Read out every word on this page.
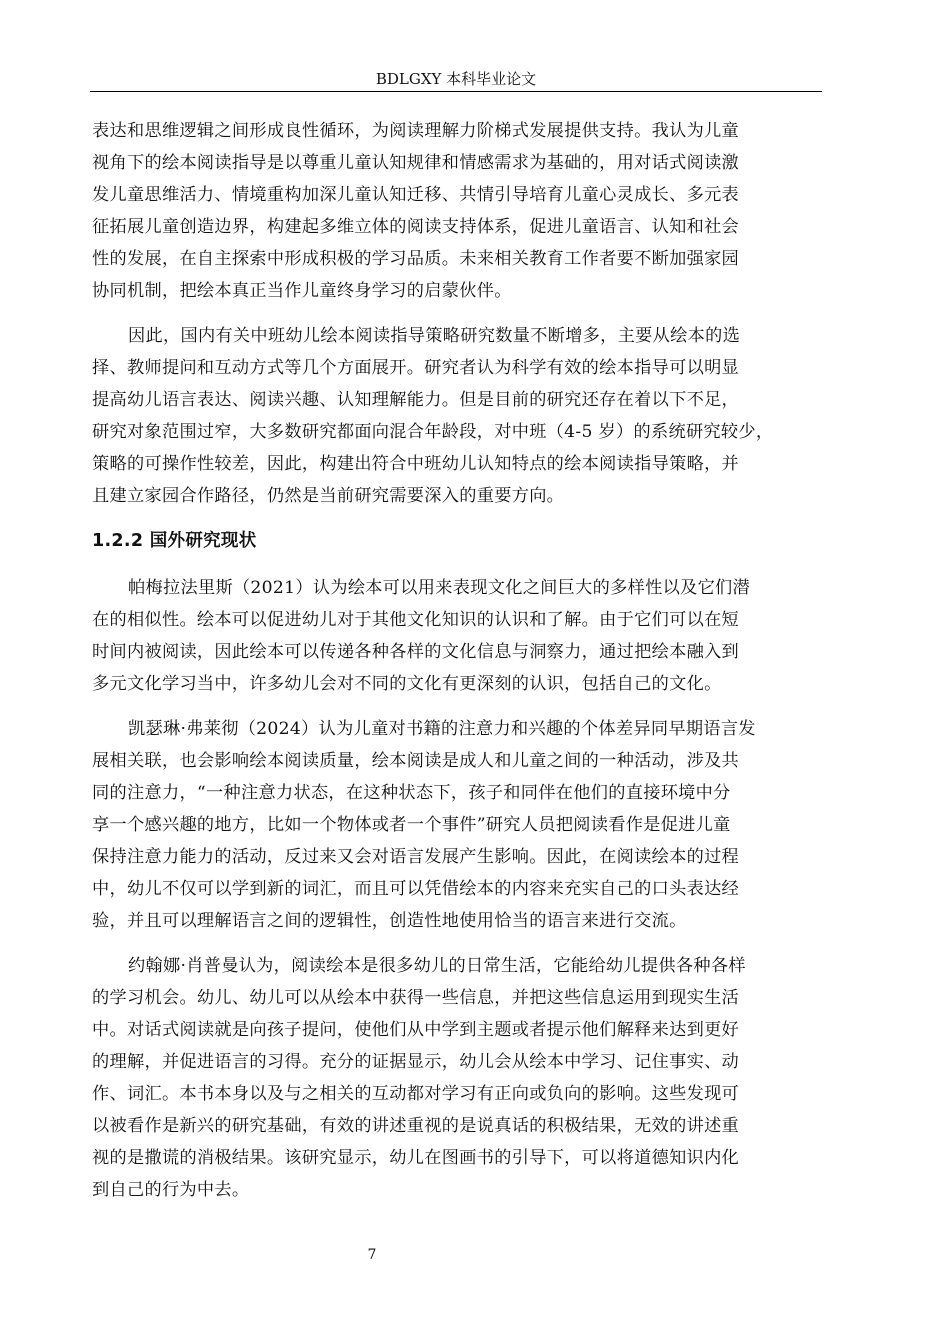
BDLGXY 本科毕业论文

表达和思维逻辑之间形成良性循环，为阅读理解力阶梯式发展提供支持。我认为儿童
视角下的绘本阅读指导是以尊重儿童认知规律和情感需求为基础的，用对话式阅读激
发儿童思维活力、情境重构加深儿童认知迁移、共情引导培育儿童心灵成长、多元表
征拓展儿童创造边界，构建起多维立体的阅读支持体系，促进儿童语言、认知和社会
性的发展，在自主探索中形成积极的学习品质。未来相关教育工作者要不断加强家园
协同机制，把绘本真正当作儿童终身学习的启蒙伙伴。

因此，国内有关中班幼儿绘本阅读指导策略研究数量不断增多，主要从绘本的选
择、教师提问和互动方式等几个方面展开。研究者认为科学有效的绘本指导可以明显
提高幼儿语言表达、阅读兴趣、认知理解能力。但是目前的研究还存在着以下不足，
研究对象范围过窄，大多数研究都面向混合年龄段，对中班（4-5 岁）的系统研究较少，
策略的可操作性较差，因此，构建出符合中班幼儿认知特点的绘本阅读指导策略，并
且建立家园合作路径，仍然是当前研究需要深入的重要方向。

1.2.2 国外研究现状

帕梅拉法里斯（2021）认为绘本可以用来表现文化之间巨大的多样性以及它们潜
在的相似性。绘本可以促进幼儿对于其他文化知识的认识和了解。由于它们可以在短
时间内被阅读，因此绘本可以传递各种各样的文化信息与洞察力，通过把绘本融入到
多元文化学习当中，许多幼儿会对不同的文化有更深刻的认识，包括自己的文化。

凯瑟琳·弗莱彻（2024）认为儿童对书籍的注意力和兴趣的个体差异同早期语言发
展相关联，也会影响绘本阅读质量，绘本阅读是成人和儿童之间的一种活动，涉及共
同的注意力，“一种注意力状态，在这种状态下，孩子和同伴在他们的直接环境中分
享一个感兴趣的地方，比如一个物体或者一个事件”研究人员把阅读看作是促进儿童
保持注意力能力的活动，反过来又会对语言发展产生影响。因此，在阅读绘本的过程
中，幼儿不仅可以学到新的词汇，而且可以凭借绘本的内容来充实自己的口头表达经
验，并且可以理解语言之间的逻辑性，创造性地使用恰当的语言来进行交流。

约翰娜·肖普曼认为，阅读绘本是很多幼儿的日常生活，它能给幼儿提供各种各样
的学习机会。幼儿、幼儿可以从绘本中获得一些信息，并把这些信息运用到现实生活
中。对话式阅读就是向孩子提问，使他们从中学到主题或者提示他们解释来达到更好
的理解，并促进语言的习得。充分的证据显示，幼儿会从绘本中学习、记住事实、动
作、词汇。本书本身以及与之相关的互动都对学习有正向或负向的影响。这些发现可
以被看作是新兴的研究基础，有效的讲述重视的是说真话的积极结果，无效的讲述重
视的是撒谎的消极结果。该研究显示，幼儿在图画书的引导下，可以将道德知识内化
到自己的行为中去。

7
